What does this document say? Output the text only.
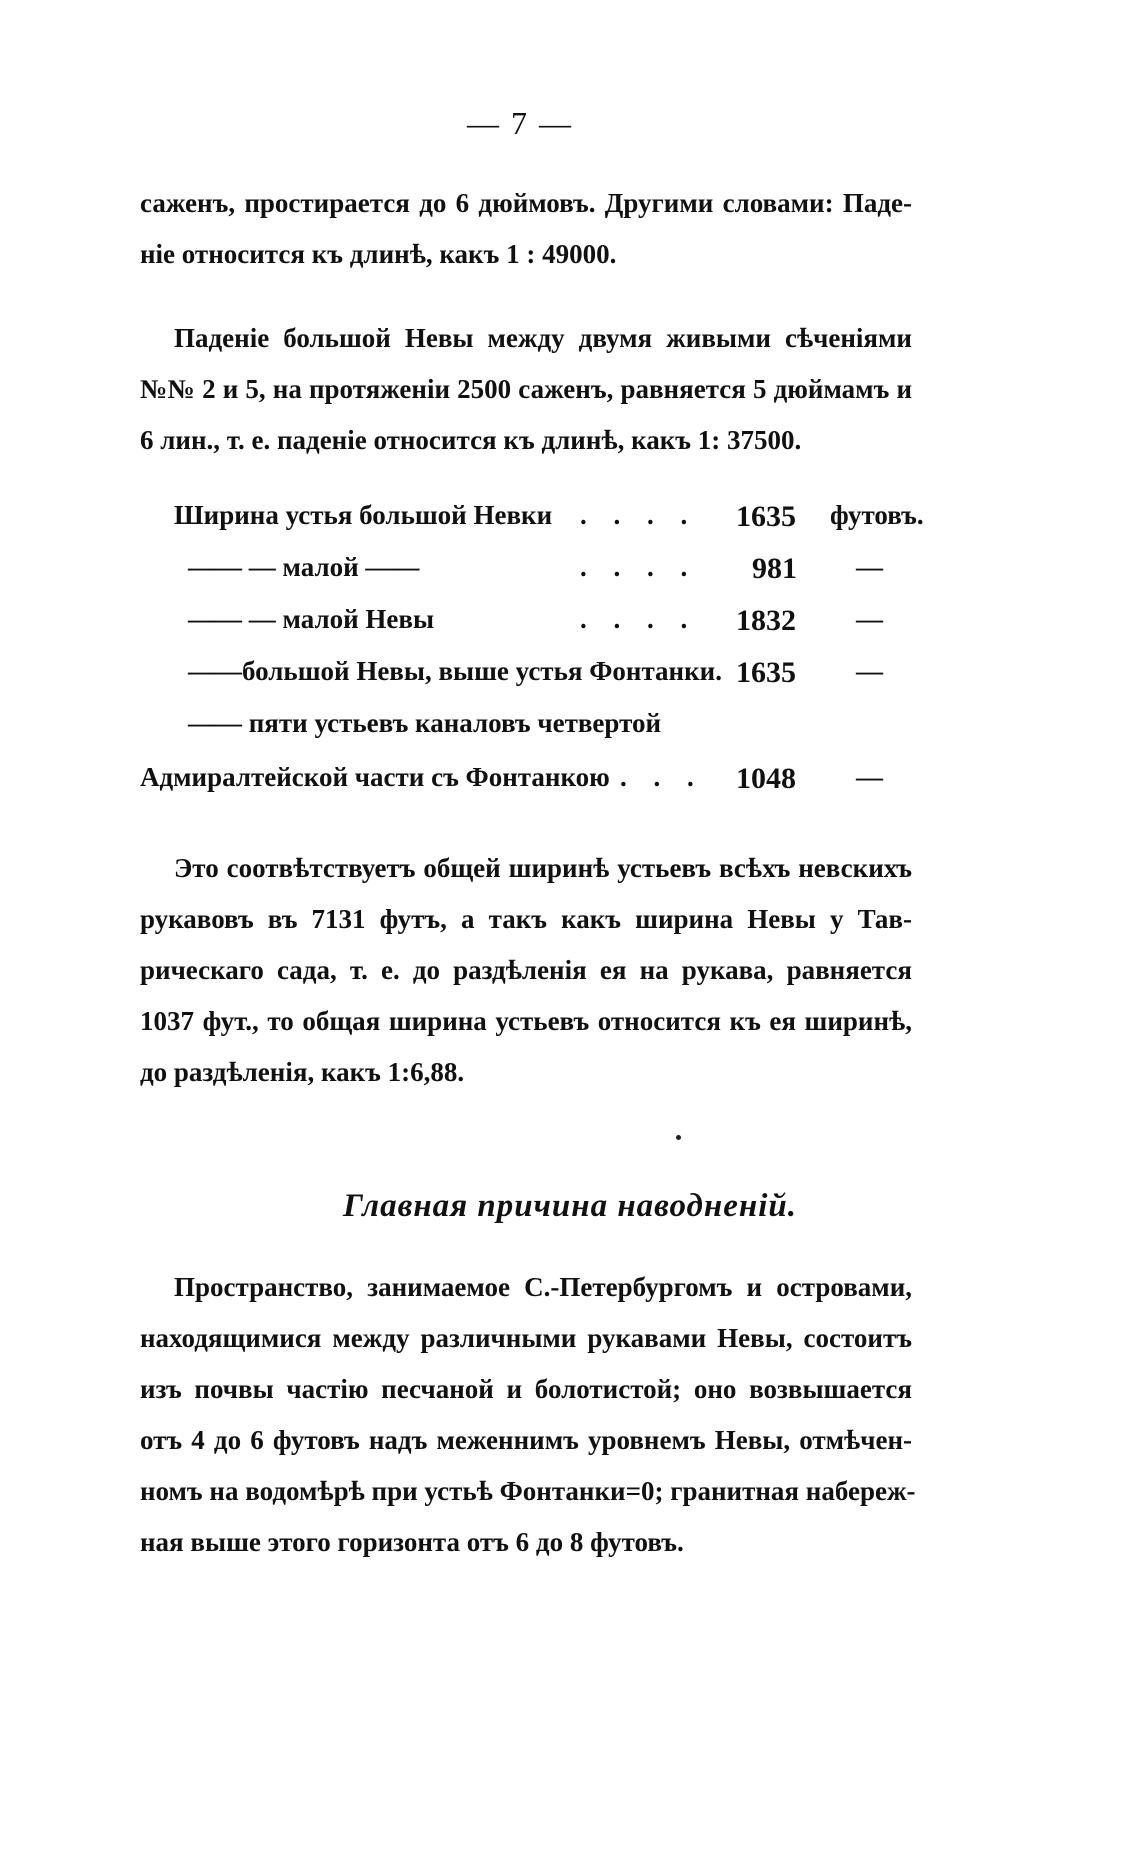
— 7 —
саженъ, простирается до 6 дюймовъ. Другими словами: Паде-
ніе относится къ длинѣ, какъ 1 : 49000.
Паденіе большой Невы между двумя живыми сѣченіями
№№ 2 и 5, на протяженіи 2500 саженъ, равняется 5 дюймамъ и
6 лин., т. е. паденіе относится къ длинѣ, какъ 1: 37500.
Ширина устья большой Невки . . . . 1635	футовъ.
—— — малой ——	. . . . 981	—
—— — малой Невы	. . . . 1832	—
——большой Невы, выше устья Фонтанки. 1635	—
—— пяти устьевъ каналовъ четвертой
Адмиралтейской части съ Фонтанкою . . . 1048	—
Это соотвѣтствуетъ общей ширинѣ устьевъ всѣхъ невскихъ
рукавовъ въ 7131 футъ, а такъ какъ ширина Невы у Тав-
рическаго сада, т. е. до раздѣленія ея на рукава, равняется
1037 фут., то общая ширина устьевъ относится къ ея ширинѣ,
до раздѣленія, какъ 1:6,88.
Главная причина наводненій.
Пространство, занимаемое С.-Петербургомъ и островами,
находящимися между различными рукавами Невы, состоитъ
изъ почвы частію песчаной и болотистой; оно возвышается
отъ 4 до 6 футовъ надъ меженнимъ уровнемъ Невы, отмѣчен-
номъ на водомѣрѣ при устьѣ Фонтанки=0; гранитная набереж-
ная выше этого горизонта отъ 6 до 8 футовъ.
